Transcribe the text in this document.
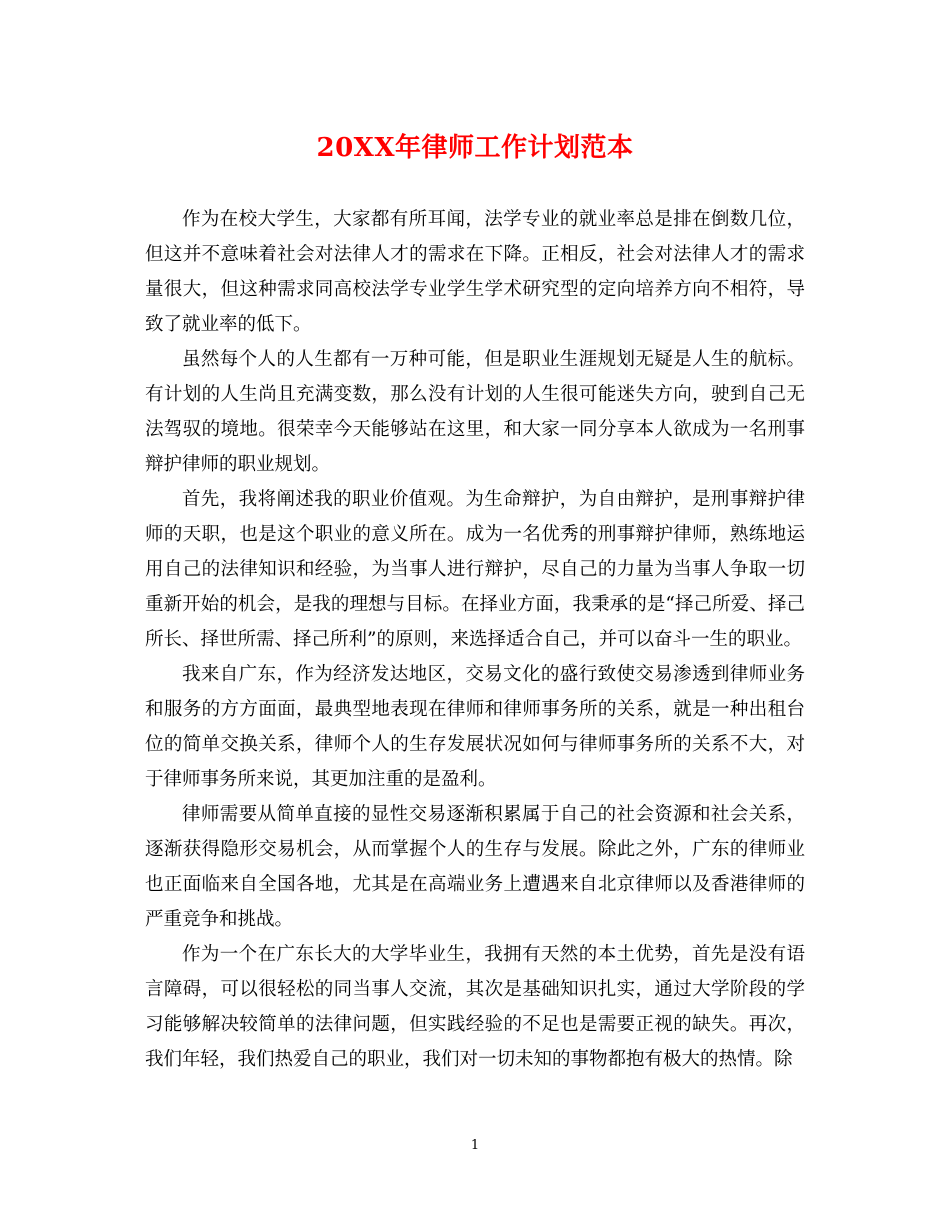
20XX年律师工作计划范本

作为在校大学生，大家都有所耳闻，法学专业的就业率总是排在倒数几位，但这并不意味着社会对法律人才的需求在下降。正相反，社会对法律人才的需求量很大，但这种需求同高校法学专业学生学术研究型的定向培养方向不相符，导致了就业率的低下。

虽然每个人的人生都有一万种可能，但是职业生涯规划无疑是人生的航标。有计划的人生尚且充满变数，那么没有计划的人生很可能迷失方向，驶到自己无法驾驭的境地。很荣幸今天能够站在这里，和大家一同分享本人欲成为一名刑事辩护律师的职业规划。

首先，我将阐述我的职业价值观。为生命辩护，为自由辩护，是刑事辩护律师的天职，也是这个职业的意义所在。成为一名优秀的刑事辩护律师，熟练地运用自己的法律知识和经验，为当事人进行辩护，尽自己的力量为当事人争取一切重新开始的机会，是我的理想与目标。在择业方面，我秉承的是“择己所爱、择己所长、择世所需、择己所利”的原则，来选择适合自己，并可以奋斗一生的职业。

我来自广东，作为经济发达地区，交易文化的盛行致使交易渗透到律师业务和服务的方方面面，最典型地表现在律师和律师事务所的关系，就是一种出租台位的简单交换关系，律师个人的生存发展状况如何与律师事务所的关系不大，对于律师事务所来说，其更加注重的是盈利。

律师需要从简单直接的显性交易逐渐积累属于自己的社会资源和社会关系，逐渐获得隐形交易机会，从而掌握个人的生存与发展。除此之外，广东的律师业也正面临来自全国各地，尤其是在高端业务上遭遇来自北京律师以及香港律师的严重竞争和挑战。

作为一个在广东长大的大学毕业生，我拥有天然的本土优势，首先是没有语言障碍，可以很轻松的同当事人交流，其次是基础知识扎实，通过大学阶段的学习能够解决较简单的法律问题，但实践经验的不足也是需要正视的缺失。再次，我们年轻，我们热爱自己的职业，我们对一切未知的事物都抱有极大的热情。除

1
